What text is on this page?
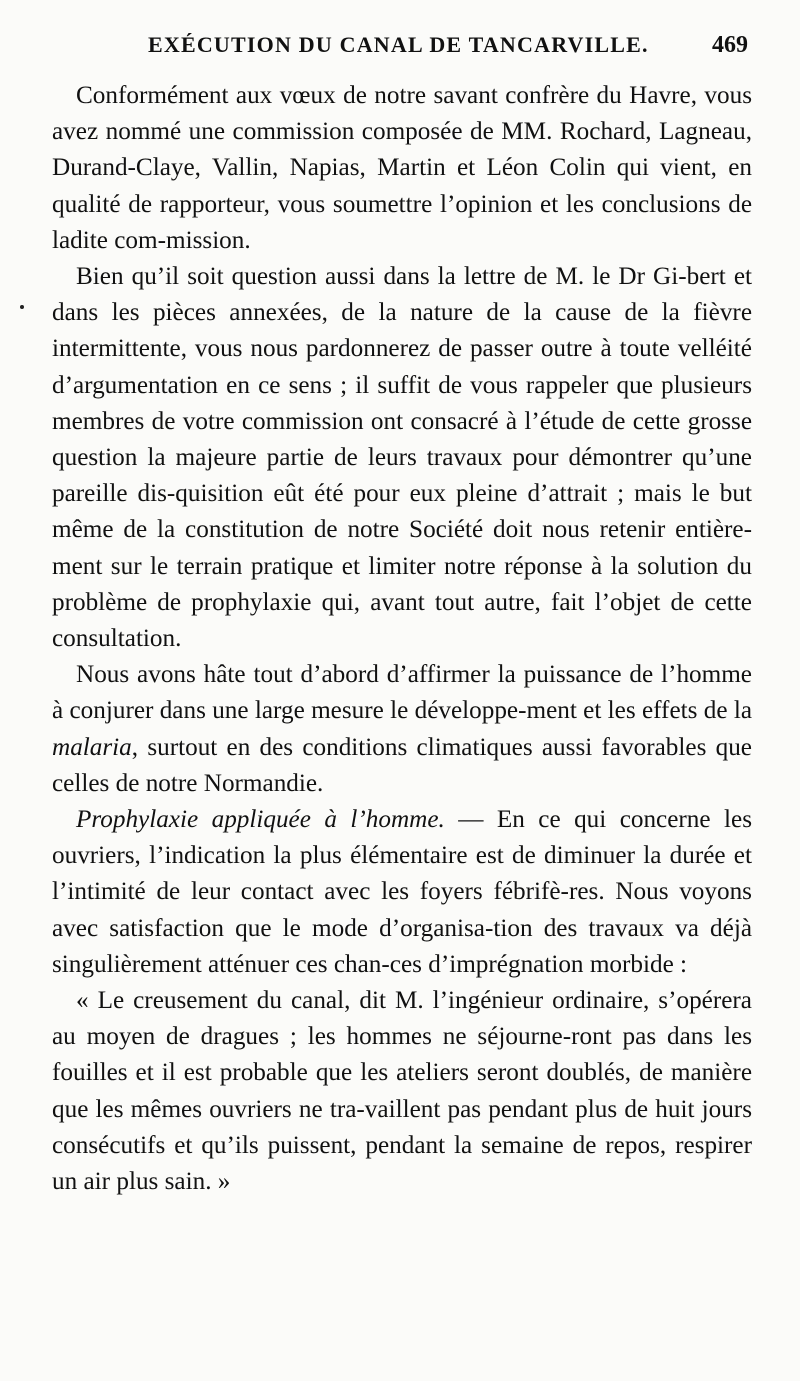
EXÉCUTION DU CANAL DE TANCARVILLE.	469

Conformément aux vœux de notre savant confrère du Havre, vous avez nommé une commission composée de MM. Rochard, Lagneau, Durand-Claye, Vallin, Napias, Martin et Léon Colin qui vient, en qualité de rapporteur, vous soumettre l’opinion et les conclusions de ladite com-mission.

Bien qu’il soit question aussi dans la lettre de M. le Dr Gi-bert et dans les pièces annexées, de la nature de la cause de la fièvre intermittente, vous nous pardonnerez de passer outre à toute velléité d’argumentation en ce sens ; il suffit de vous rappeler que plusieurs membres de votre commission ont consacré à l’étude de cette grosse question la majeure partie de leurs travaux pour démontrer qu’une pareille dis-quisition eût été pour eux pleine d’attrait ; mais le but même de la constitution de notre Société doit nous retenir entière-ment sur le terrain pratique et limiter notre réponse à la solution du problème de prophylaxie qui, avant tout autre, fait l’objet de cette consultation.

Nous avons hâte tout d’abord d’affirmer la puissance de l’homme à conjurer dans une large mesure le développe-ment et les effets de la malaria, surtout en des conditions climatiques aussi favorables que celles de notre Normandie.

Prophylaxie appliquée à l’homme. — En ce qui concerne les ouvriers, l’indication la plus élémentaire est de diminuer la durée et l’intimité de leur contact avec les foyers fébrifè-res. Nous voyons avec satisfaction que le mode d’organisa-tion des travaux va déjà singulièrement atténuer ces chan-ces d’imprégnation morbide :

« Le creusement du canal, dit M. l’ingénieur ordinaire, s’opérera au moyen de dragues ; les hommes ne séjourne-ront pas dans les fouilles et il est probable que les ateliers seront doublés, de manière que les mêmes ouvriers ne tra-vaillent pas pendant plus de huit jours consécutifs et qu’ils puissent, pendant la semaine de repos, respirer un air plus sain. »
